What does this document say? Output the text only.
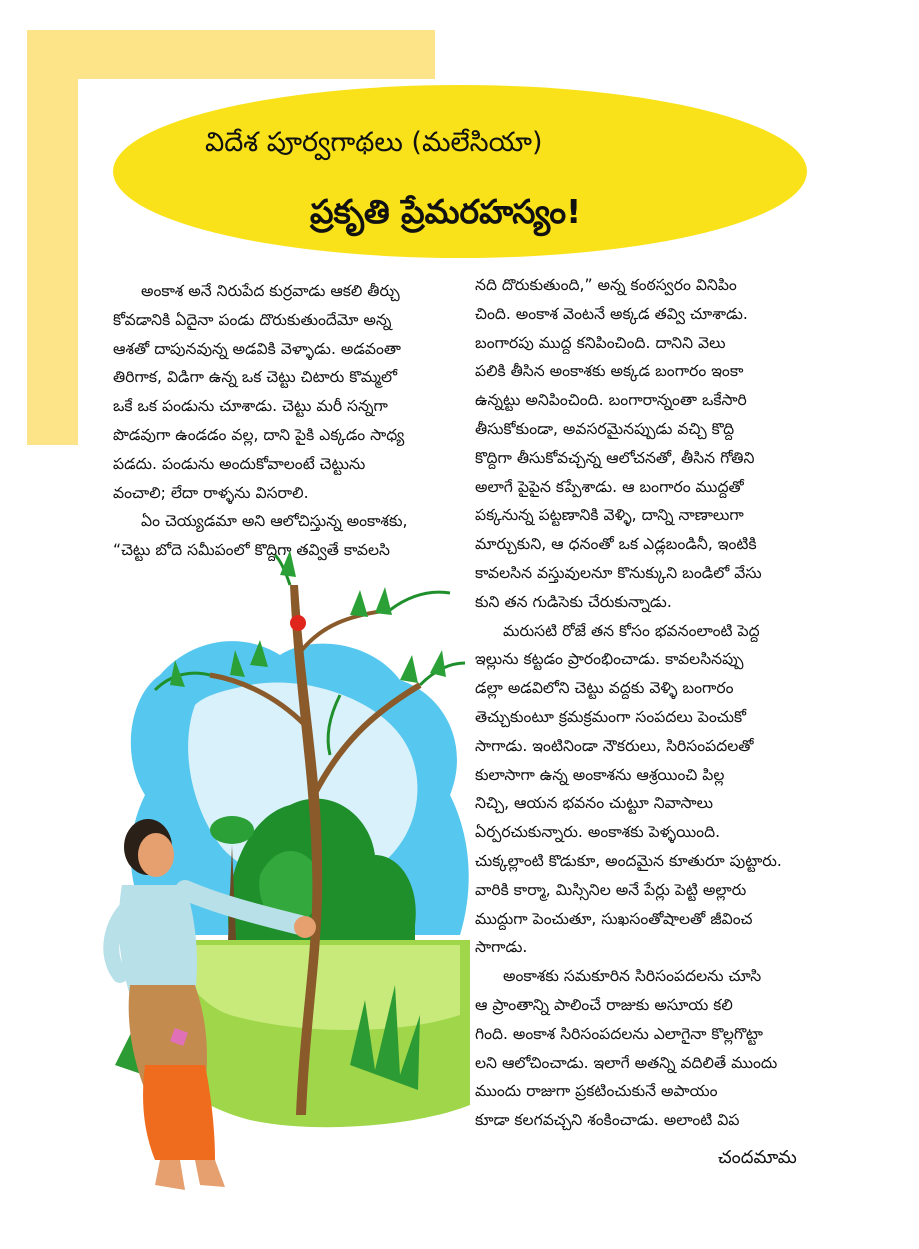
విదేశ పూర్వగాథలు (మలేసియా)
ప్రకృతి ప్రేమరహస్యం!

అంకాశ అనే నిరుపేద కుర్రవాడు ఆకలి తీర్చు

కోవడానికి ఏదైనా పండు దొరుకుతుందేమో అన్న

ఆశతో దాపునవున్న అడవికి వెళ్ళాడు. అడవంతా

తిరిగాక, విడిగా ఉన్న ఒక చెట్టు చిటారు కొమ్మలో

ఒకే ఒక పండును చూశాడు. చెట్టు మరీ సన్నగా

పొడవుగా ఉండడం వల్ల, దాని పైకి ఎక్కడం సాధ్య

పడదు. పండును అందుకోవాలంటే చెట్టును

వంచాలి; లేదా రాళ్ళను విసరాలి.

ఏం చెయ్యడమా అని ఆలోచిస్తున్న అంకాశకు,

“చెట్టు బోదె సమీపంలో కొద్దిగా తవ్వితే కావలసి

నది దొరుకుతుంది,” అన్న కంఠస్వరం వినిపిం

చింది. అంకాశ వెంటనే అక్కడ తవ్వి చూశాడు.

బంగారపు ముద్ద కనిపించింది. దానిని వెలు

పలికి తీసిన అంకాశకు అక్కడ బంగారం ఇంకా

ఉన్నట్టు అనిపించింది. బంగారాన్నంతా ఒకేసారి

తీసుకోకుండా, అవసరమైనప్పుడు వచ్చి కొద్ది

కొద్దిగా తీసుకోవచ్చన్న ఆలోచనతో, తీసిన గోతిని

అలాగే పైపైన కప్పేశాడు. ఆ బంగారం ముద్దతో

పక్కనున్న పట్టణానికి వెళ్ళి, దాన్ని నాణాలుగా

మార్చుకుని, ఆ ధనంతో ఒక ఎడ్లబండినీ, ఇంటికి

కావలసిన వస్తువులనూ కొనుక్కుని బండిలో వేసు

కుని తన గుడిసెకు చేరుకున్నాడు.

మరుసటి రోజే తన కోసం భవనంలాంటి పెద్ద

ఇల్లును కట్టడం ప్రారంభించాడు. కావలసినప్పు

డల్లా అడవిలోని చెట్టు వద్దకు వెళ్ళి బంగారం

తెచ్చుకుంటూ క్రమక్రమంగా సంపదలు పెంచుకో

సాగాడు. ఇంటినిండా నౌకరులు, సిరిసంపదలతో

కులాసాగా ఉన్న అంకాశను ఆశ్రయించి పిల్ల

నిచ్చి, ఆయన భవనం చుట్టూ నివాసాలు

ఏర్పరచుకున్నారు. అంకాశకు పెళ్ళయింది.

చుక్కల్లాంటి కొడుకూ, అందమైన కూతురూ పుట్టారు.

వారికి కార్మా, మిస్సినిల అనే పేర్లు పెట్టి అల్లారు

ముద్దుగా పెంచుతూ, సుఖసంతోషాలతో జీవించ

సాగాడు.

అంకాశకు సమకూరిన సిరిసంపదలను చూసి

ఆ ప్రాంతాన్ని పాలించే రాజుకు అసూయ కలి

గింది. అంకాశ సిరిసంపదలను ఎలాగైనా కొల్లగొట్టా

లని ఆలోచించాడు. ఇలాగే అతన్ని వదిలితే ముందు

ముందు రాజుగా ప్రకటించుకునే అపాయం

కూడా కలగవచ్చని శంకించాడు. అలాంటి విప

చందమామ
